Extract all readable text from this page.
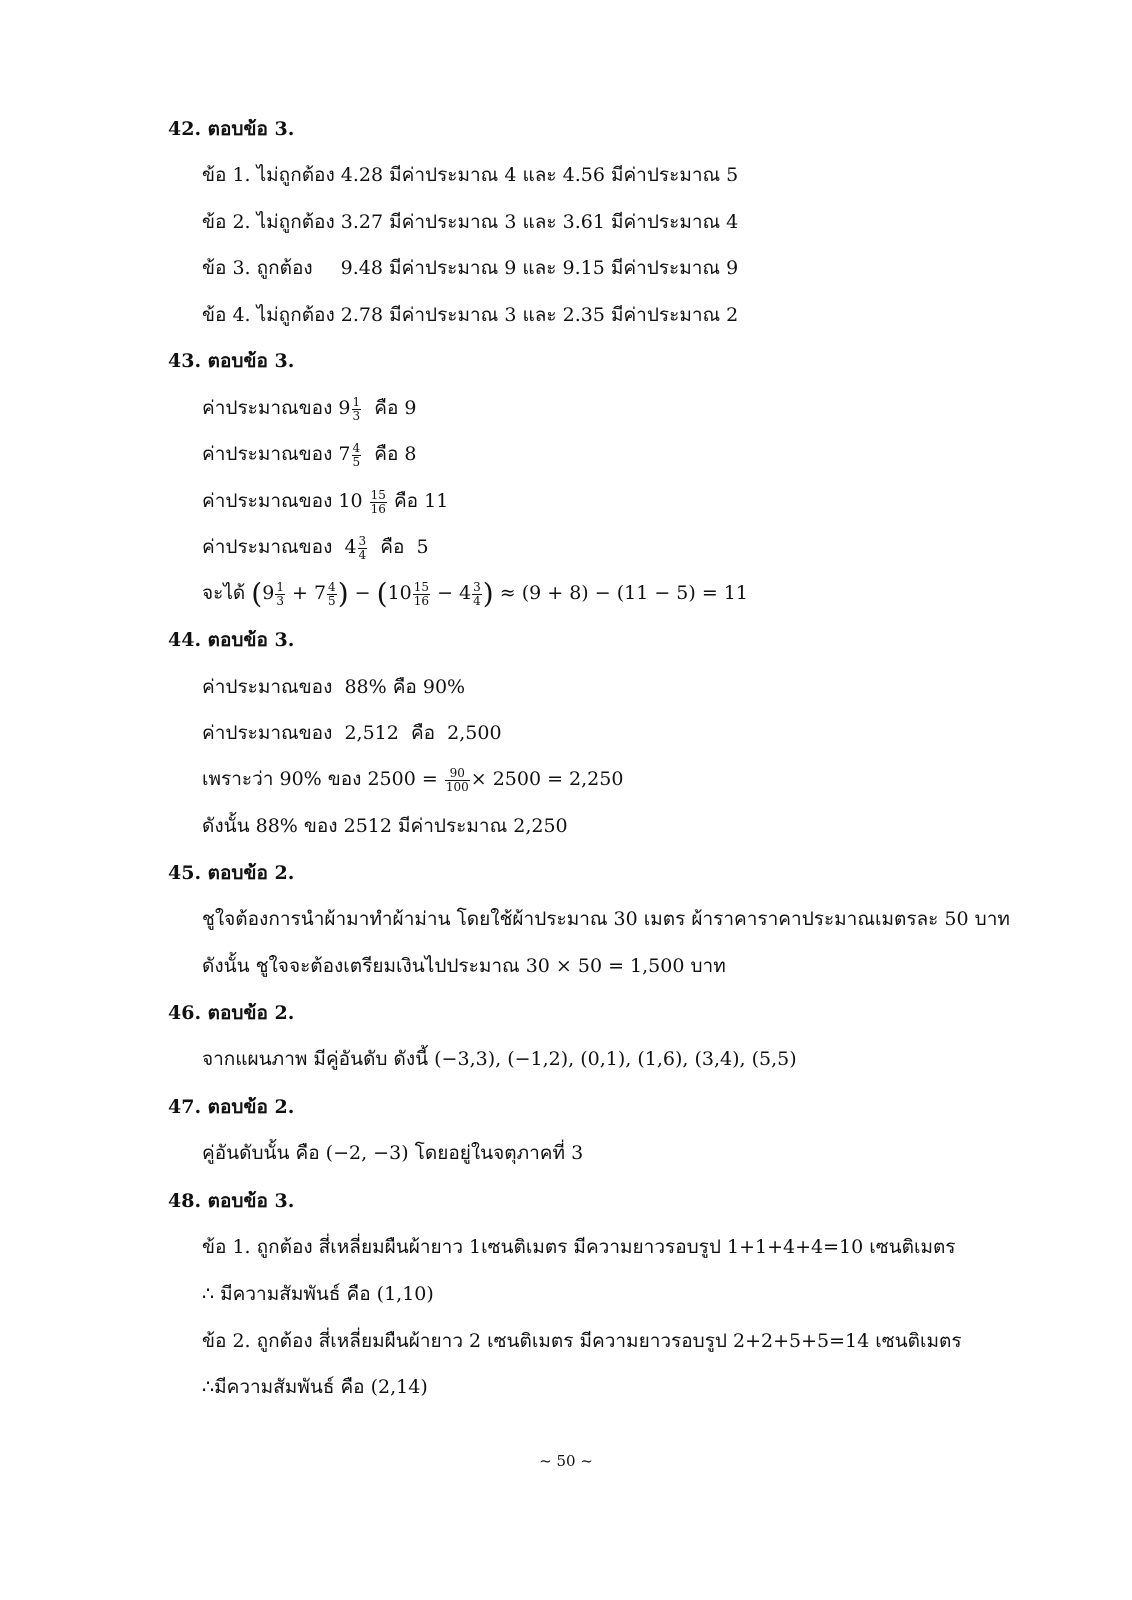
42. ตอบข้อ 3.
ข้อ 1. ไม่ถูกต้อง 4.28 มีค่าประมาณ 4 และ 4.56 มีค่าประมาณ 5
ข้อ 2. ไม่ถูกต้อง 3.27 มีค่าประมาณ 3 และ 3.61 มีค่าประมาณ 4
ข้อ 3. ถูกต้อง 9.48 มีค่าประมาณ 9 และ 9.15 มีค่าประมาณ 9
ข้อ 4. ไม่ถูกต้อง 2.78 มีค่าประมาณ 3 และ 2.35 มีค่าประมาณ 2
43. ตอบข้อ 3.
ค่าประมาณของ $9 \frac{1}{3}$ คือ 9
ค่าประมาณของ $7 \frac{4}{5}$ คือ 8
ค่าประมาณของ $10 \frac{15}{16}$ คือ 11
ค่าประมาณของ $4 \frac{3}{4}$ คือ 5
จะได้ ($9 \frac{1}{3} + 7 \frac{4}{5}$ ) − ($10 \frac{15}{16} - 4 \frac{3}{4}$ ) ≈ (9 + 8) − (11 − 5) = 11
44. ตอบข้อ 3.
ค่าประมาณของ 88% คือ 90%
ค่าประมาณของ 2,512 คือ 2,500
เพราะว่า 90% ของ $2500 = \frac{90}{100} \times 2500 = 2,250$
ดังนั้น 88% ของ 2512 มีค่าประมาณ 2,250
45. ตอบข้อ 2.
ชูใจต้องการนำผ้ามาทำผ้าม่าน โดยใช้ผ้าประมาณ 30 เมตร ผ้าราคาราคาประมาณเมตรละ 50 บาท
ดังนั้น ชูใจจะต้องเตรียมเงินไปประมาณ 30 × 50 = 1,500 บาท
46. ตอบข้อ 2.
จากแผนภาพ มีคู่อันดับ ดังนี้ (−3,3), (−1,2), (0,1), (1,6), (3,4), (5,5)
47. ตอบข้อ 2.
คู่อันดับนั้น คือ (−2, −3) โดยอยู่ในจตุภาคที่ 3
48. ตอบข้อ 3.
ข้อ 1. ถูกต้อง สี่เหลี่ยมผืนผ้ายาว 1เซนติเมตร มีความยาวรอบรูป 1+1+4+4=10 เซนติเมตร
∴ มีความสัมพันธ์ คือ (1,10)
ข้อ 2. ถูกต้อง สี่เหลี่ยมผืนผ้ายาว 2 เซนติเมตร มีความยาวรอบรูป 2+2+5+5=14 เซนติเมตร
∴มีความสัมพันธ์ คือ (2,14)
~ 50 ~
